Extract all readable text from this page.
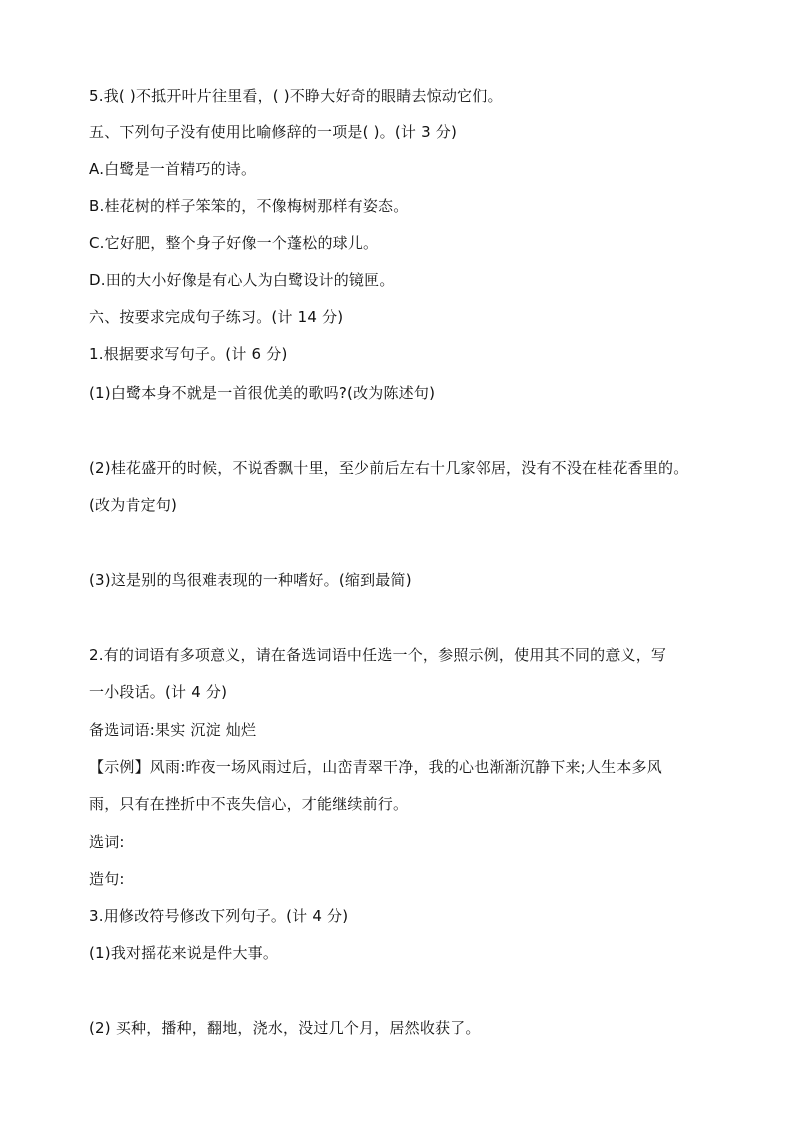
5.我( )不抵开叶片往里看，( )不睁大好奇的眼睛去惊动它们。
五、下列句子没有使用比喻修辞的一项是( )。(计 3 分)
A.白鹭是一首精巧的诗。
B.桂花树的样子笨笨的，不像梅树那样有姿态。
C.它好肥，整个身子好像一个蓬松的球儿。
D.田的大小好像是有心人为白鹭设计的镜匣。
六、按要求完成句子练习。(计 14 分)
1.根据要求写句子。(计 6 分)
(1)白鹭本身不就是一首很优美的歌吗?(改为陈述句)
(2)桂花盛开的时候，不说香飘十里，至少前后左右十几家邻居，没有不没在桂花香里的。
(改为肯定句)
(3)这是别的鸟很难表现的一种嗜好。(缩到最简)
2.有的词语有多项意义，请在备选词语中任选一个，参照示例，使用其不同的意义，写
一小段话。(计 4 分)
备选词语:果实 沉淀 灿烂
【示例】风雨:昨夜一场风雨过后，山峦青翠干净，我的心也渐渐沉静下来;人生本多风
雨，只有在挫折中不丧失信心，才能继续前行。
选词:
造句:
3.用修改符号修改下列句子。(计 4 分)
(1)我对摇花来说是件大事。
(2) 买种，播种，翻地，浇水，没过几个月，居然收获了。
